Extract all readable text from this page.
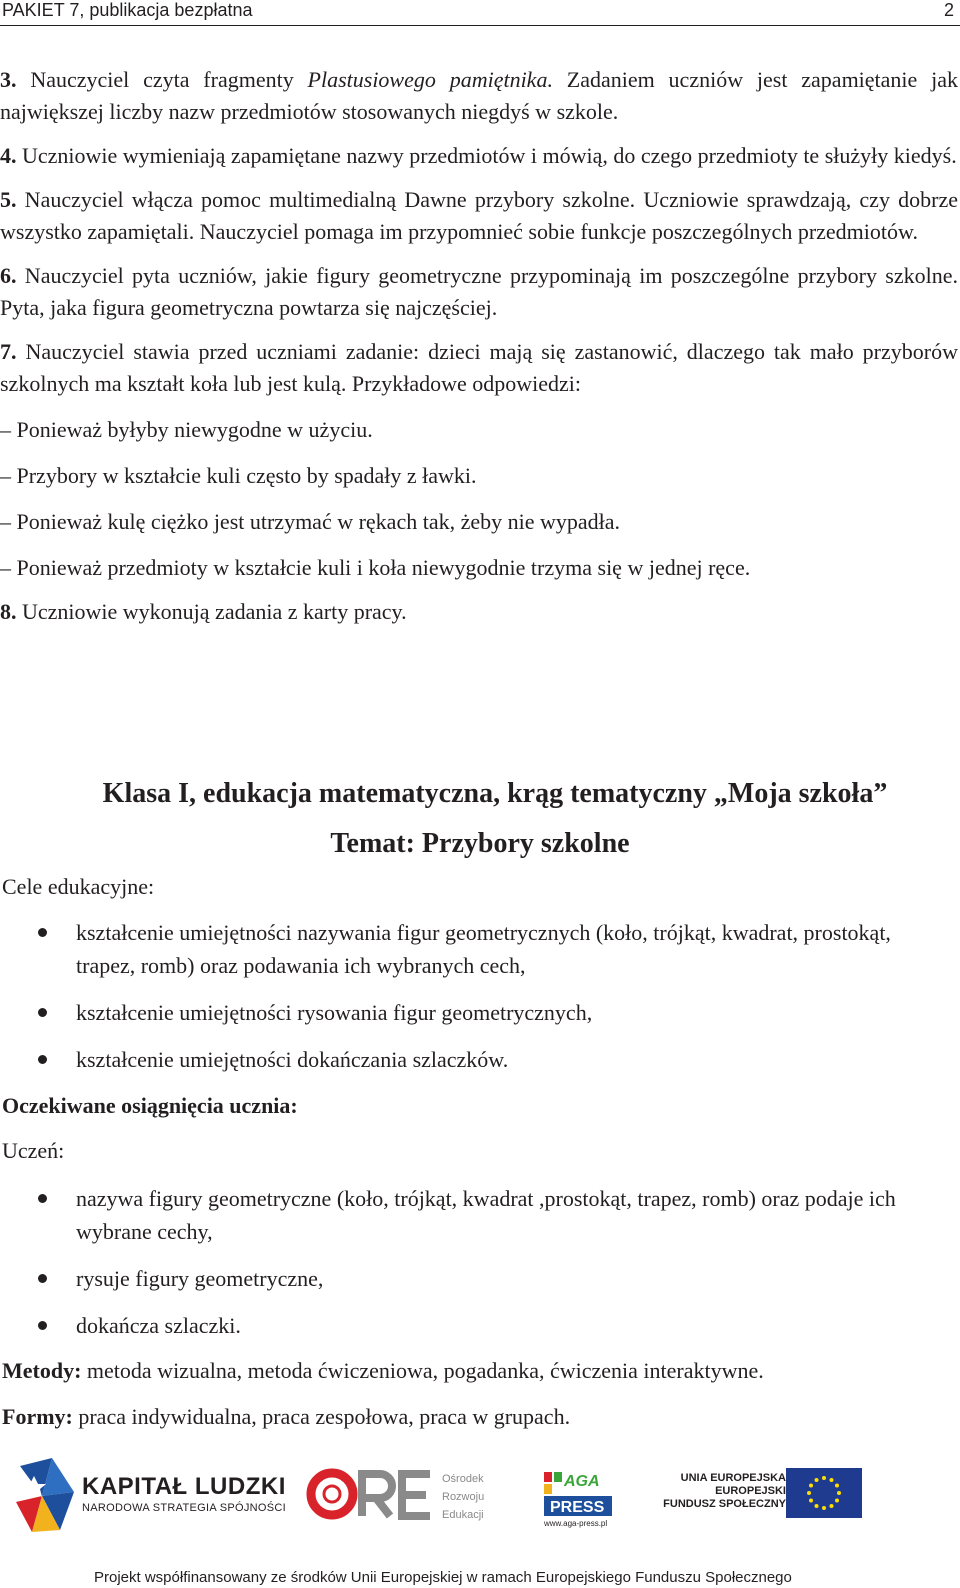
PAKIET 7, publikacja bezpłatna	2

3. Nauczyciel czyta fragmenty Plastusiowego pamiętnika. Zadaniem uczniów jest zapamiętanie jak największej liczby nazw przedmiotów stosowanych niegdyś w szkole.

4. Uczniowie wymieniają zapamiętane nazwy przedmiotów i mówią, do czego przedmioty te służyły kiedyś.

5. Nauczyciel włącza pomoc multimedialną Dawne przybory szkolne. Uczniowie sprawdzają, czy dobrze wszystko zapamiętali. Nauczyciel pomaga im przypomnieć sobie funkcje poszczególnych przedmiotów.

6. Nauczyciel pyta uczniów, jakie figury geometryczne przypominają im poszczególne przybory szkolne. Pyta, jaka figura geometryczna powtarza się najczęściej.

7. Nauczyciel stawia przed uczniami zadanie: dzieci mają się zastanowić, dlaczego tak mało przyborów szkolnych ma kształt koła lub jest kulą. Przykładowe odpowiedzi:

– Ponieważ byłyby niewygodne w użyciu.
– Przybory w kształcie kuli często by spadały z ławki.
– Ponieważ kulę ciężko jest utrzymać w rękach tak, żeby nie wypadła.
– Ponieważ przedmioty w kształcie kuli i koła niewygodnie trzyma się w jednej ręce.

8. Uczniowie wykonują zadania z karty pracy.

Klasa I, edukacja matematyczna, krąg tematyczny „Moja szkoła”
Temat: Przybory szkolne
Cele edukacyjne:
kształcenie umiejętności nazywania figur geometrycznych (koło, trójkąt, kwadrat, prostokąt, trapez, romb) oraz podawania ich wybranych cech,
kształcenie umiejętności rysowania figur geometrycznych,
kształcenie umiejętności dokańczania szlaczków.
Oczekiwane osiągnięcia ucznia:
Uczeń:
nazywa figury geometryczne (koło, trójkąt, kwadrat ,prostokąt, trapez, romb) oraz podaje ich wybrane cechy,
rysuje figury geometryczne,
dokańcza szlaczki.
Metody: metoda wizualna, metoda ćwiczeniowa, pogadanka, ćwiczenia interaktywne.
Formy: praca indywidualna, praca zespołowa, praca w grupach.
KAPITAŁ LUDZKI
NARODOWA STRATEGIA SPÓJNOŚCI
Ośrodek
Rozwoju
Edukacji
AGA
PRESS
www.aga-press.pl
UNIA EUROPEJSKA
EUROPEJSKI
FUNDUSZ SPOŁECZNY
Projekt współfinansowany ze środków Unii Europejskiej w ramach Europejskiego Funduszu Społecznego
